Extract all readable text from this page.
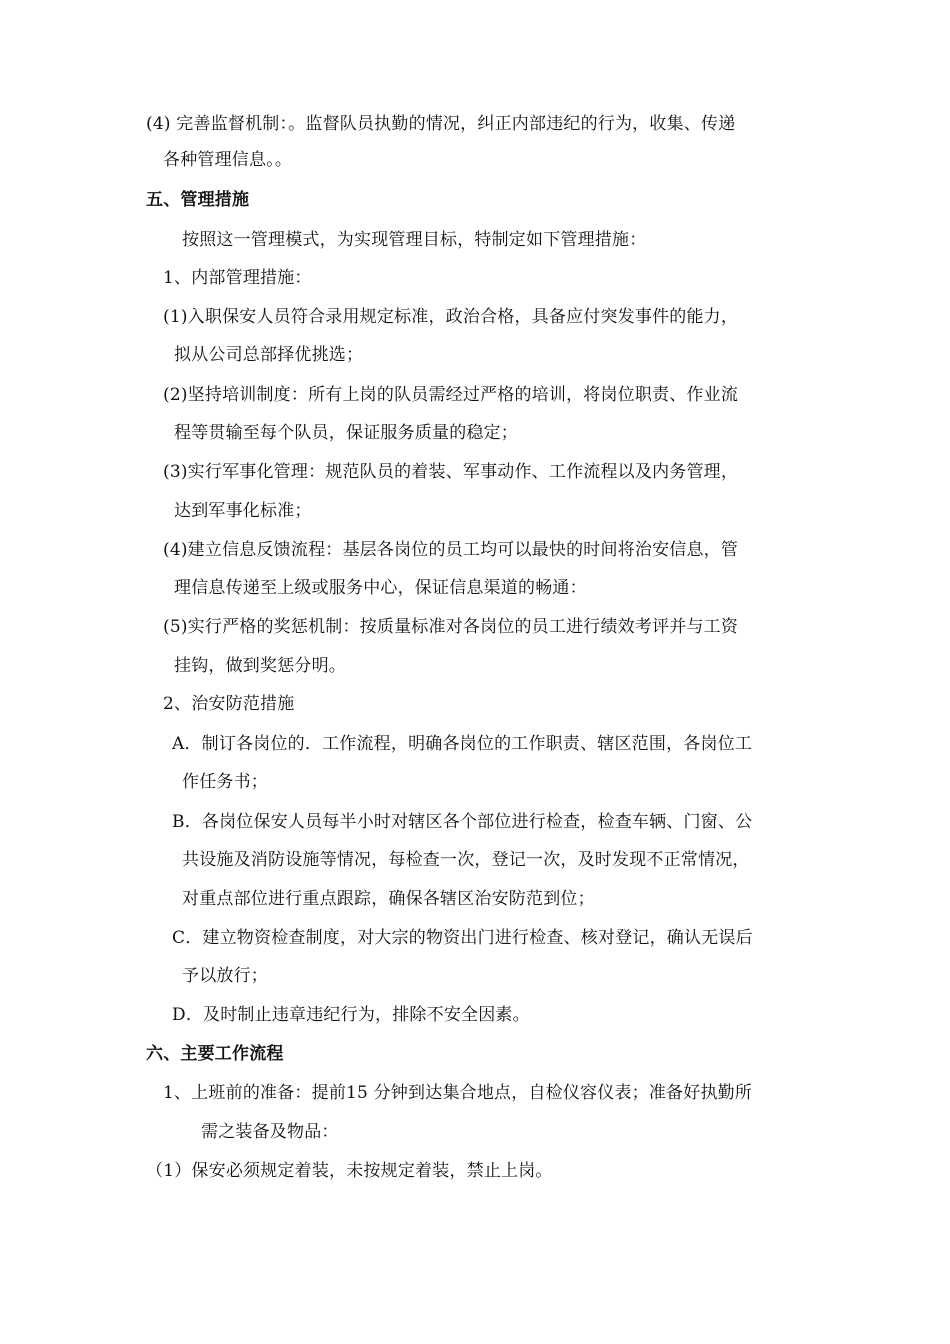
(4) 完善监督机制：。监督队员执勤的情况，纠正内部违纪的行为，收集、传递
各种管理信息。。
五、管理措施
按照这一管理模式，为实现管理目标，特制定如下管理措施：
1、内部管理措施：
(1)入职保安人员符合录用规定标准，政治合格，具备应付突发事件的能力，
拟从公司总部择优挑选；
(2)坚持培训制度：所有上岗的队员需经过严格的培训，将岗位职责、作业流
程等贯输至每个队员，保证服务质量的稳定；
(3)实行军事化管理：规范队员的着装、军事动作、工作流程以及内务管理，
达到军事化标准；
(4)建立信息反馈流程：基层各岗位的员工均可以最快的时间将治安信息，管
理信息传递至上级或服务中心，保证信息渠道的畅通：
(5)实行严格的奖惩机制：按质量标准对各岗位的员工进行绩效考评并与工资
挂钩，做到奖惩分明。
2、治安防范措施
A．制订各岗位的．工作流程，明确各岗位的工作职责、辖区范围，各岗位工
作任务书；
B．各岗位保安人员每半小时对辖区各个部位进行检查，检查车辆、门窗、公
共设施及消防设施等情况，每检查一次，登记一次，及时发现不正常情况，
对重点部位进行重点跟踪，确保各辖区治安防范到位；
C．建立物资检查制度，对大宗的物资出门进行检查、核对登记，确认无误后
予以放行；
D．及时制止违章违纪行为，排除不安全因素。
六、主要工作流程
1、上班前的准备：提前15 分钟到达集合地点，自检仪容仪表；准备好执勤所
需之装备及物品：
（1）保安必须规定着装，未按规定着装，禁止上岗。
